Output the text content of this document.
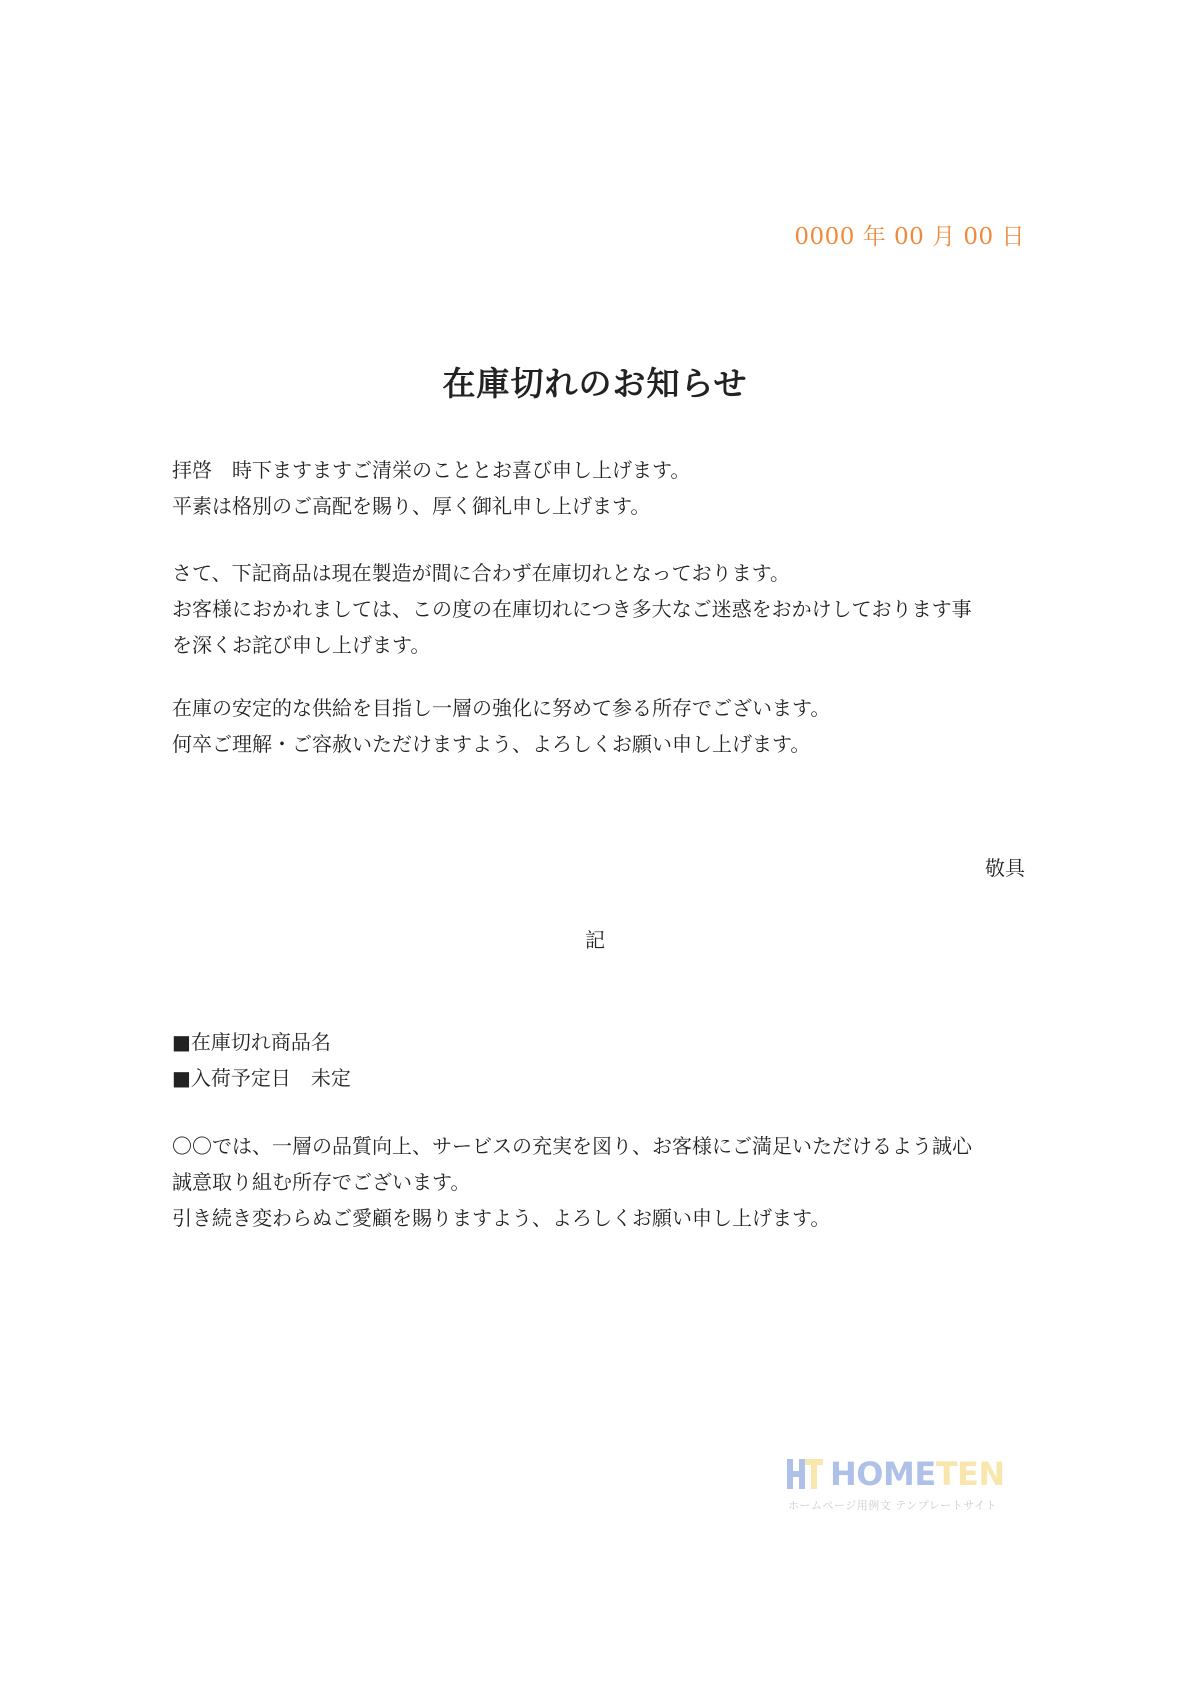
0000 年 00 月 00 日
在庫切れのお知らせ
拝啓　時下ますますご清栄のこととお喜び申し上げます。
平素は格別のご高配を賜り、厚く御礼申し上げます。
さて、下記商品は現在製造が間に合わず在庫切れとなっております。
お客様におかれましては、この度の在庫切れにつき多大なご迷惑をおかけしております事
を深くお詫び申し上げます。
在庫の安定的な供給を目指し一層の強化に努めて参る所存でございます。
何卒ご理解・ご容赦いただけますよう、よろしくお願い申し上げます。
敬具
記
■在庫切れ商品名
■入荷予定日　未定
〇〇では、一層の品質向上、サービスの充実を図り、お客様にご満足いただけるよう誠心
誠意取り組む所存でございます。
引き続き変わらぬご愛顧を賜りますよう、よろしくお願い申し上げます。
HOMETEN
ホームページ用例文 テンプレートサイト
